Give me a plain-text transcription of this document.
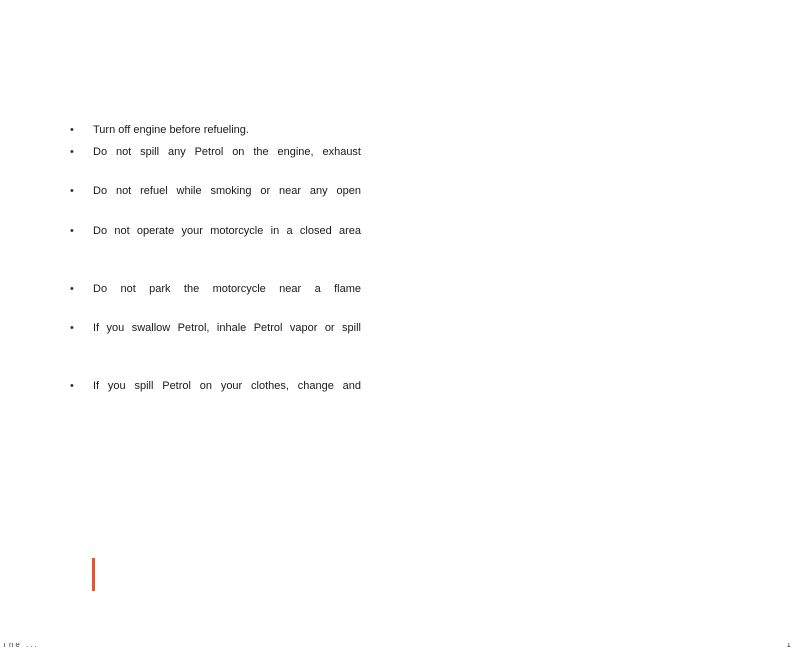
• Turn off engine before refueling.
• Do not spill any Petrol on the engine, exhaust
• Do not refuel while smoking or near any open
• Do not operate your motorcycle in a closed area
• Do not park the motorcycle near a flame
• If you swallow Petrol, inhale Petrol vapor or spill
• If you spill Petrol on your clothes, change and
The ...	1
